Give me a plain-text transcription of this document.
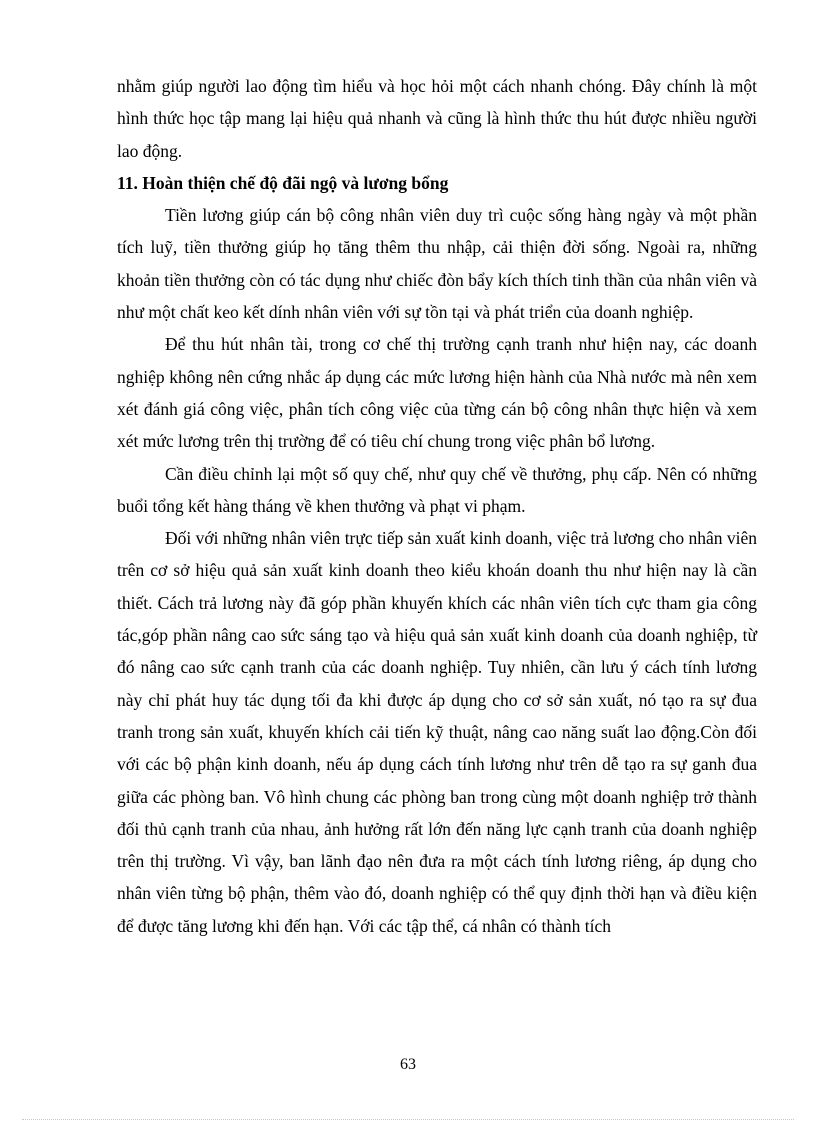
nhằm giúp người lao động tìm hiểu và học hỏi một cách nhanh chóng. Đây chính là một hình thức học tập mang lại hiệu quả nhanh và cũng là hình thức thu hút được nhiều người lao động.

11. Hoàn thiện chế độ đãi ngộ và lương bổng

Tiền lương giúp cán bộ công nhân viên duy trì cuộc sống hàng ngày và một phần tích luỹ, tiền thưởng giúp họ tăng thêm thu nhập, cải thiện đời sống. Ngoài ra, những khoản tiền thưởng còn có tác dụng như chiếc đòn bẩy kích thích tinh thần của nhân viên và như một chất keo kết dính nhân viên với sự tồn tại và phát triển của doanh nghiệp.

Để thu hút nhân tài, trong cơ chế thị trường cạnh tranh như hiện nay, các doanh nghiệp không nên cứng nhắc áp dụng các mức lương hiện hành của Nhà nước mà nên xem xét đánh giá công việc, phân tích công việc của từng cán bộ công nhân thực hiện và xem xét mức lương trên thị trường để có tiêu chí chung trong việc phân bổ lương.

Cần điều chỉnh lại một số quy chế, như quy chế về thưởng, phụ cấp. Nên có những buổi tổng kết hàng tháng về khen thưởng và phạt vi phạm.

Đối với những nhân viên trực tiếp sản xuất kinh doanh, việc trả lương cho nhân viên trên cơ sở hiệu quả sản xuất kinh doanh theo kiểu khoán doanh thu như hiện nay là cần thiết. Cách trả lương này đã góp phần khuyến khích các nhân viên tích cực tham gia công tác,góp phần nâng cao sức sáng tạo và hiệu quả sản xuất kinh doanh của doanh nghiệp, từ đó nâng cao sức cạnh tranh của các doanh nghiệp. Tuy nhiên, cần lưu ý cách tính lương này chỉ phát huy tác dụng tối đa khi được áp dụng cho cơ sở sản xuất, nó tạo ra sự đua tranh trong sản xuất, khuyến khích cải tiến kỹ thuật, nâng cao năng suất lao động.Còn đối với các bộ phận kinh doanh, nếu áp dụng cách tính lương như trên dễ tạo ra sự ganh đua giữa các phòng ban. Vô hình chung các phòng ban trong cùng một doanh nghiệp trở thành đối thủ cạnh tranh của nhau, ảnh hưởng rất lớn đến năng lực cạnh tranh của doanh nghiệp trên thị trường. Vì vậy, ban lãnh đạo nên đưa ra một cách tính lương riêng, áp dụng cho nhân viên từng bộ phận, thêm vào đó, doanh nghiệp có thể quy định thời hạn và điều kiện để được tăng lương khi đến hạn. Với các tập thể, cá nhân có thành tích

63
